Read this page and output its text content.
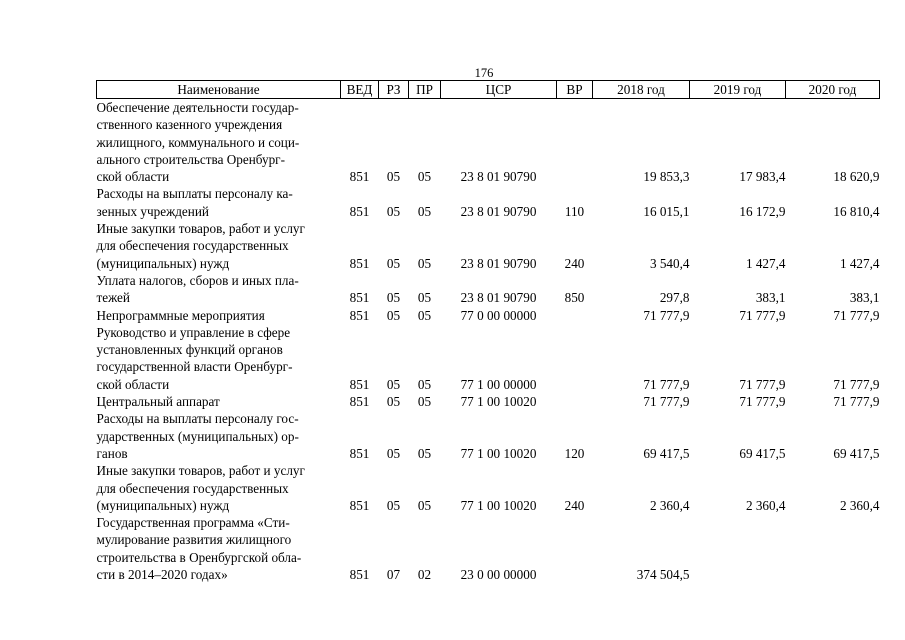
176
Наименование	ВЕД	РЗ	ПР	ЦСР	ВР	2018 год	2019 год	2020 год

Обеспечение деятельности государ-
ственного казенного учреждения
жилищного, коммунального и соци-
ального строительства Оренбург-
ской области	851	05	05	23 8 01 90790		19 853,3	17 983,4	18 620,9

Расходы на выплаты персоналу ка-
зенных учреждений	851	05	05	23 8 01 90790	110	16 015,1	16 172,9	16 810,4

Иные закупки товаров, работ и услуг
для обеспечения государственных
(муниципальных) нужд	851	05	05	23 8 01 90790	240	3 540,4	1 427,4	1 427,4

Уплата налогов, сборов и иных пла-
тежей	851	05	05	23 8 01 90790	850	297,8	383,1	383,1

Непрограммные мероприятия	851	05	05	77 0 00 00000		71 777,9	71 777,9	71 777,9

Руководство и управление в сфере
установленных функций органов
государственной власти Оренбург-
ской области	851	05	05	77 1 00 00000		71 777,9	71 777,9	71 777,9

Центральный аппарат	851	05	05	77 1 00 10020		71 777,9	71 777,9	71 777,9

Расходы на выплаты персоналу гос-
ударственных (муниципальных) ор-
ганов	851	05	05	77 1 00 10020	120	69 417,5	69 417,5	69 417,5

Иные закупки товаров, работ и услуг
для обеспечения государственных
(муниципальных) нужд	851	05	05	77 1 00 10020	240	2 360,4	2 360,4	2 360,4

Государственная программа «Сти-
мулирование развития жилищного
строительства в Оренбургской обла-
сти в 2014–2020 годах»	851	07	02	23 0 00 00000		374 504,5		
